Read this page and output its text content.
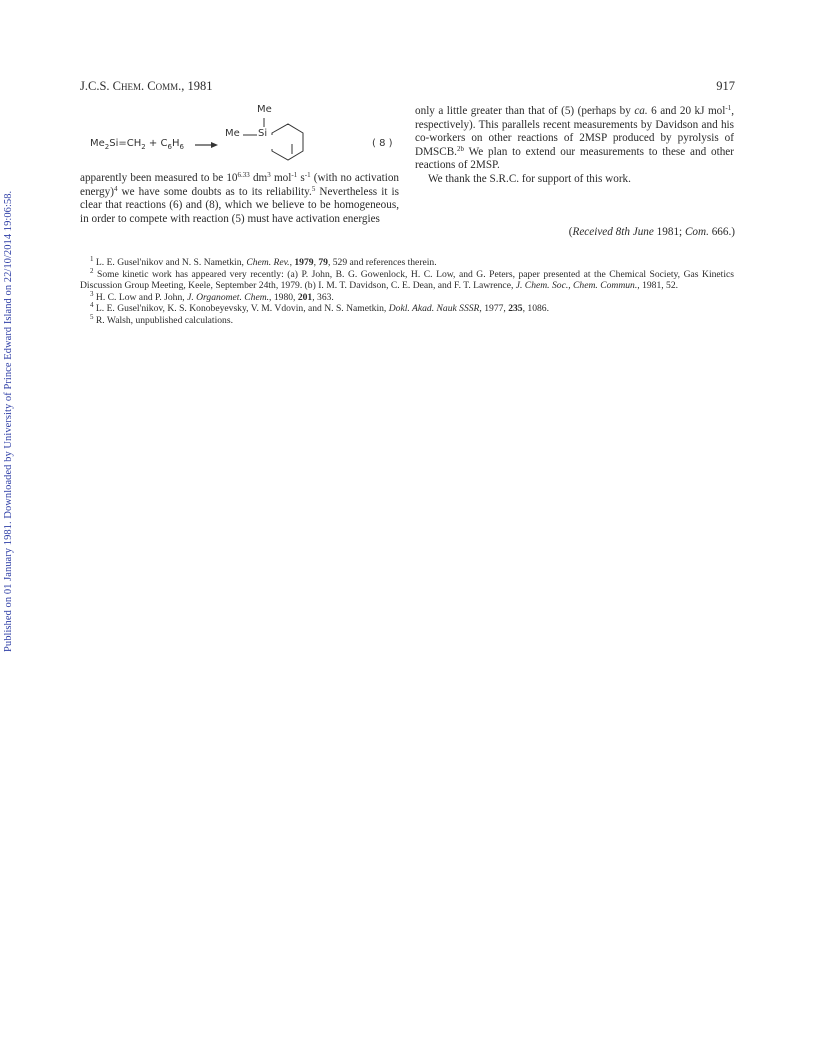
Published on 01 January 1981. Downloaded by University of Prince Edward Island on 22/10/2014 19:06:58.
J.C.S. Chem. Comm., 1981	917
$Me_2Si=CH_2 + C_6H_6$
Me
Me Si
( 8 )

apparently been measured to be $10^{6.33}$ $dm^3$ mol$^{-1}$ $s^{-1}$ (with no activation energy)$^4$ we have some doubts as to its reliability.$^5$ Nevertheless it is clear that reactions (6) and (8), which we believe to be homogeneous, in order to compete with reaction (5) must have activation energies

only a little greater than that of (5) (perhaps by ca. 6 and 20 kJ mol$^{-1}$, respectively). This parallels recent measurements by Davidson and his co-workers on other reactions of 2MSP produced by pyrolysis of DMSCB.$^{2b}$ We plan to extend our measurements to these and other reactions of 2MSP.

We thank the S.R.C. for support of this work.

(Received 8th June 1981; Com. 666.)

$^1$ L. E. Gusel'nikov and N. S. Nametkin, Chem. Rev., 1979, 79, 529 and references therein.

$^2$ Some kinetic work has appeared very recently: (a) P. John, B. G. Gowenlock, H. C. Low, and G. Peters, paper presented at the Chemical Society, Gas Kinetics Discussion Group Meeting, Keele, September 24th, 1979. (b) I. M. T. Davidson, C. E. Dean, and F. T. Lawrence, J. Chem. Soc., Chem. Commun., 1981, 52.

$^3$ H. C. Low and P. John, J. Organomet. Chem., 1980, 201, 363.

$^4$ L. E. Gusel'nikov, K. S. Konobeyevsky, V. M. Vdovin, and N. S. Nametkin, Dokl. Akad. Nauk SSSR, 1977, 235, 1086.

$^5$ R. Walsh, unpublished calculations.
